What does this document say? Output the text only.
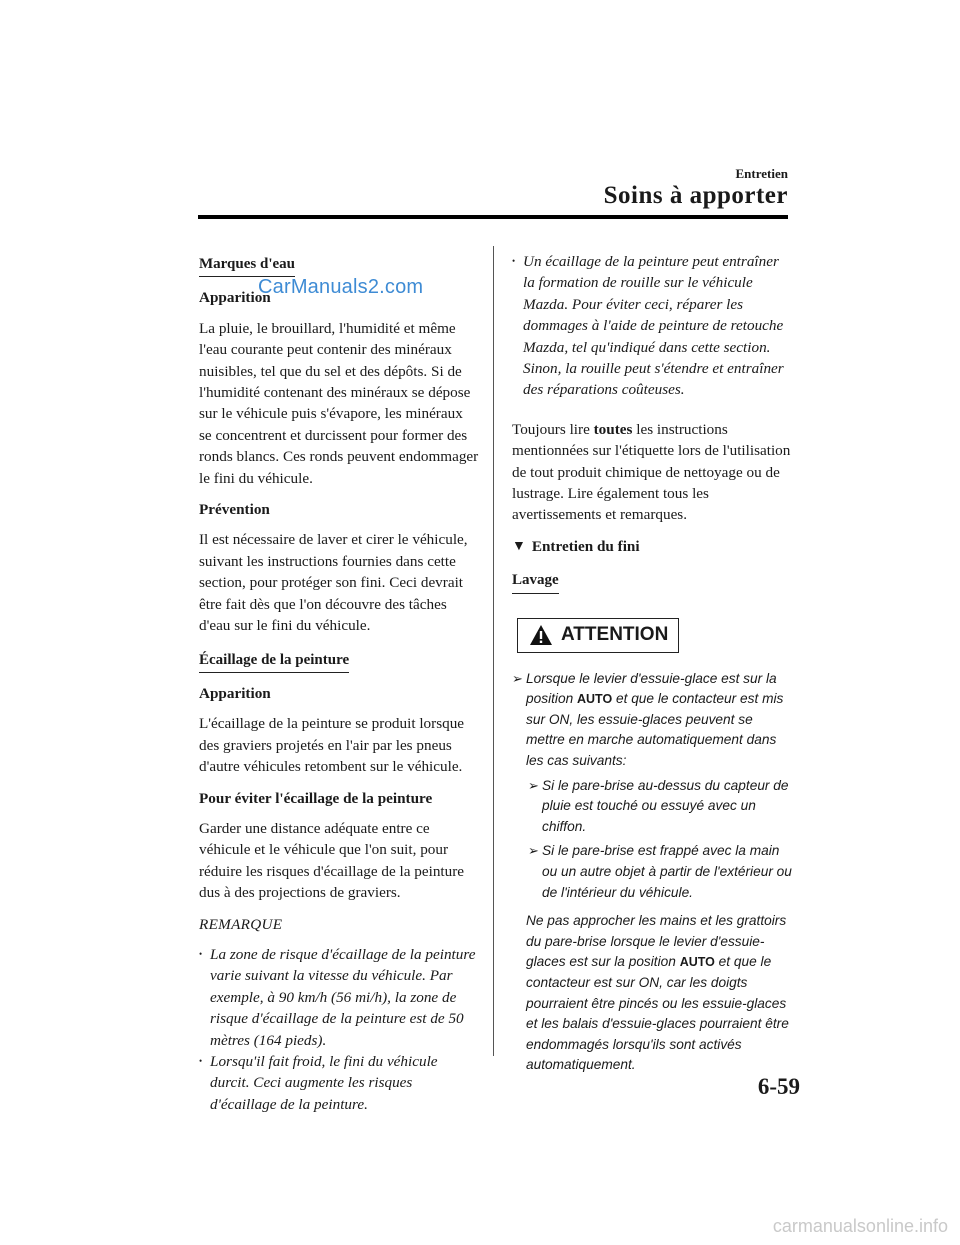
Entretien
Soins à apporter
CarManuals2.com
Marques d'eau
Apparition

La pluie, le brouillard, l'humidité et même l'eau courante peut contenir des minéraux nuisibles, tel que du sel et des dépôts. Si de l'humidité contenant des minéraux se dépose sur le véhicule puis s'évapore, les minéraux se concentrent et durcissent pour former des ronds blancs. Ces ronds peuvent endommager le fini du véhicule.

Prévention

Il est nécessaire de laver et cirer le véhicule, suivant les instructions fournies dans cette section, pour protéger son fini. Ceci devrait être fait dès que l'on découvre des tâches d'eau sur le fini du véhicule.

Écaillage de la peinture
Apparition

L'écaillage de la peinture se produit lorsque des graviers projetés en l'air par les pneus d'autre véhicules retombent sur le véhicule.

Pour éviter l'écaillage de la peinture

Garder une distance adéquate entre ce véhicule et le véhicule que l'on suit, pour réduire les risques d'écaillage de la peinture dus à des projections de graviers.

REMARQUE
• La zone de risque d'écaillage de la peinture varie suivant la vitesse du véhicule. Par exemple, à 90 km/h (56 mi/h), la zone de risque d'écaillage de la peinture est de 50 mètres (164 pieds).
• Lorsqu'il fait froid, le fini du véhicule durcit. Ceci augmente les risques d'écaillage de la peinture.
• Un écaillage de la peinture peut entraîner la formation de rouille sur le véhicule Mazda. Pour éviter ceci, réparer les dommages à l'aide de peinture de retouche Mazda, tel qu'indiqué dans cette section. Sinon, la rouille peut s'étendre et entraîner des réparations coûteuses.

Toujours lire toutes les instructions mentionnées sur l'étiquette lors de l'utilisation de tout produit chimique de nettoyage ou de lustrage. Lire également tous les avertissements et remarques.

▼ Entretien du fini
Lavage
ATTENTION
➢ Lorsque le levier d'essuie-glace est sur la position AUTO et que le contacteur est mis sur ON, les essuie-glaces peuvent se mettre en marche automatiquement dans les cas suivants:
➢ Si le pare-brise au-dessus du capteur de pluie est touché ou essuyé avec un chiffon.
➢ Si le pare-brise est frappé avec la main ou un autre objet à partir de l'extérieur ou de l'intérieur du véhicule.
Ne pas approcher les mains et les grattoirs du pare-brise lorsque le levier d'essuie-glaces est sur la position AUTO et que le contacteur est sur ON, car les doigts pourraient être pincés ou les essuie-glaces et les balais d'essuie-glaces pourraient être endommagés lorsqu'ils sont activés automatiquement.
6-59
carmanualsonline.info
